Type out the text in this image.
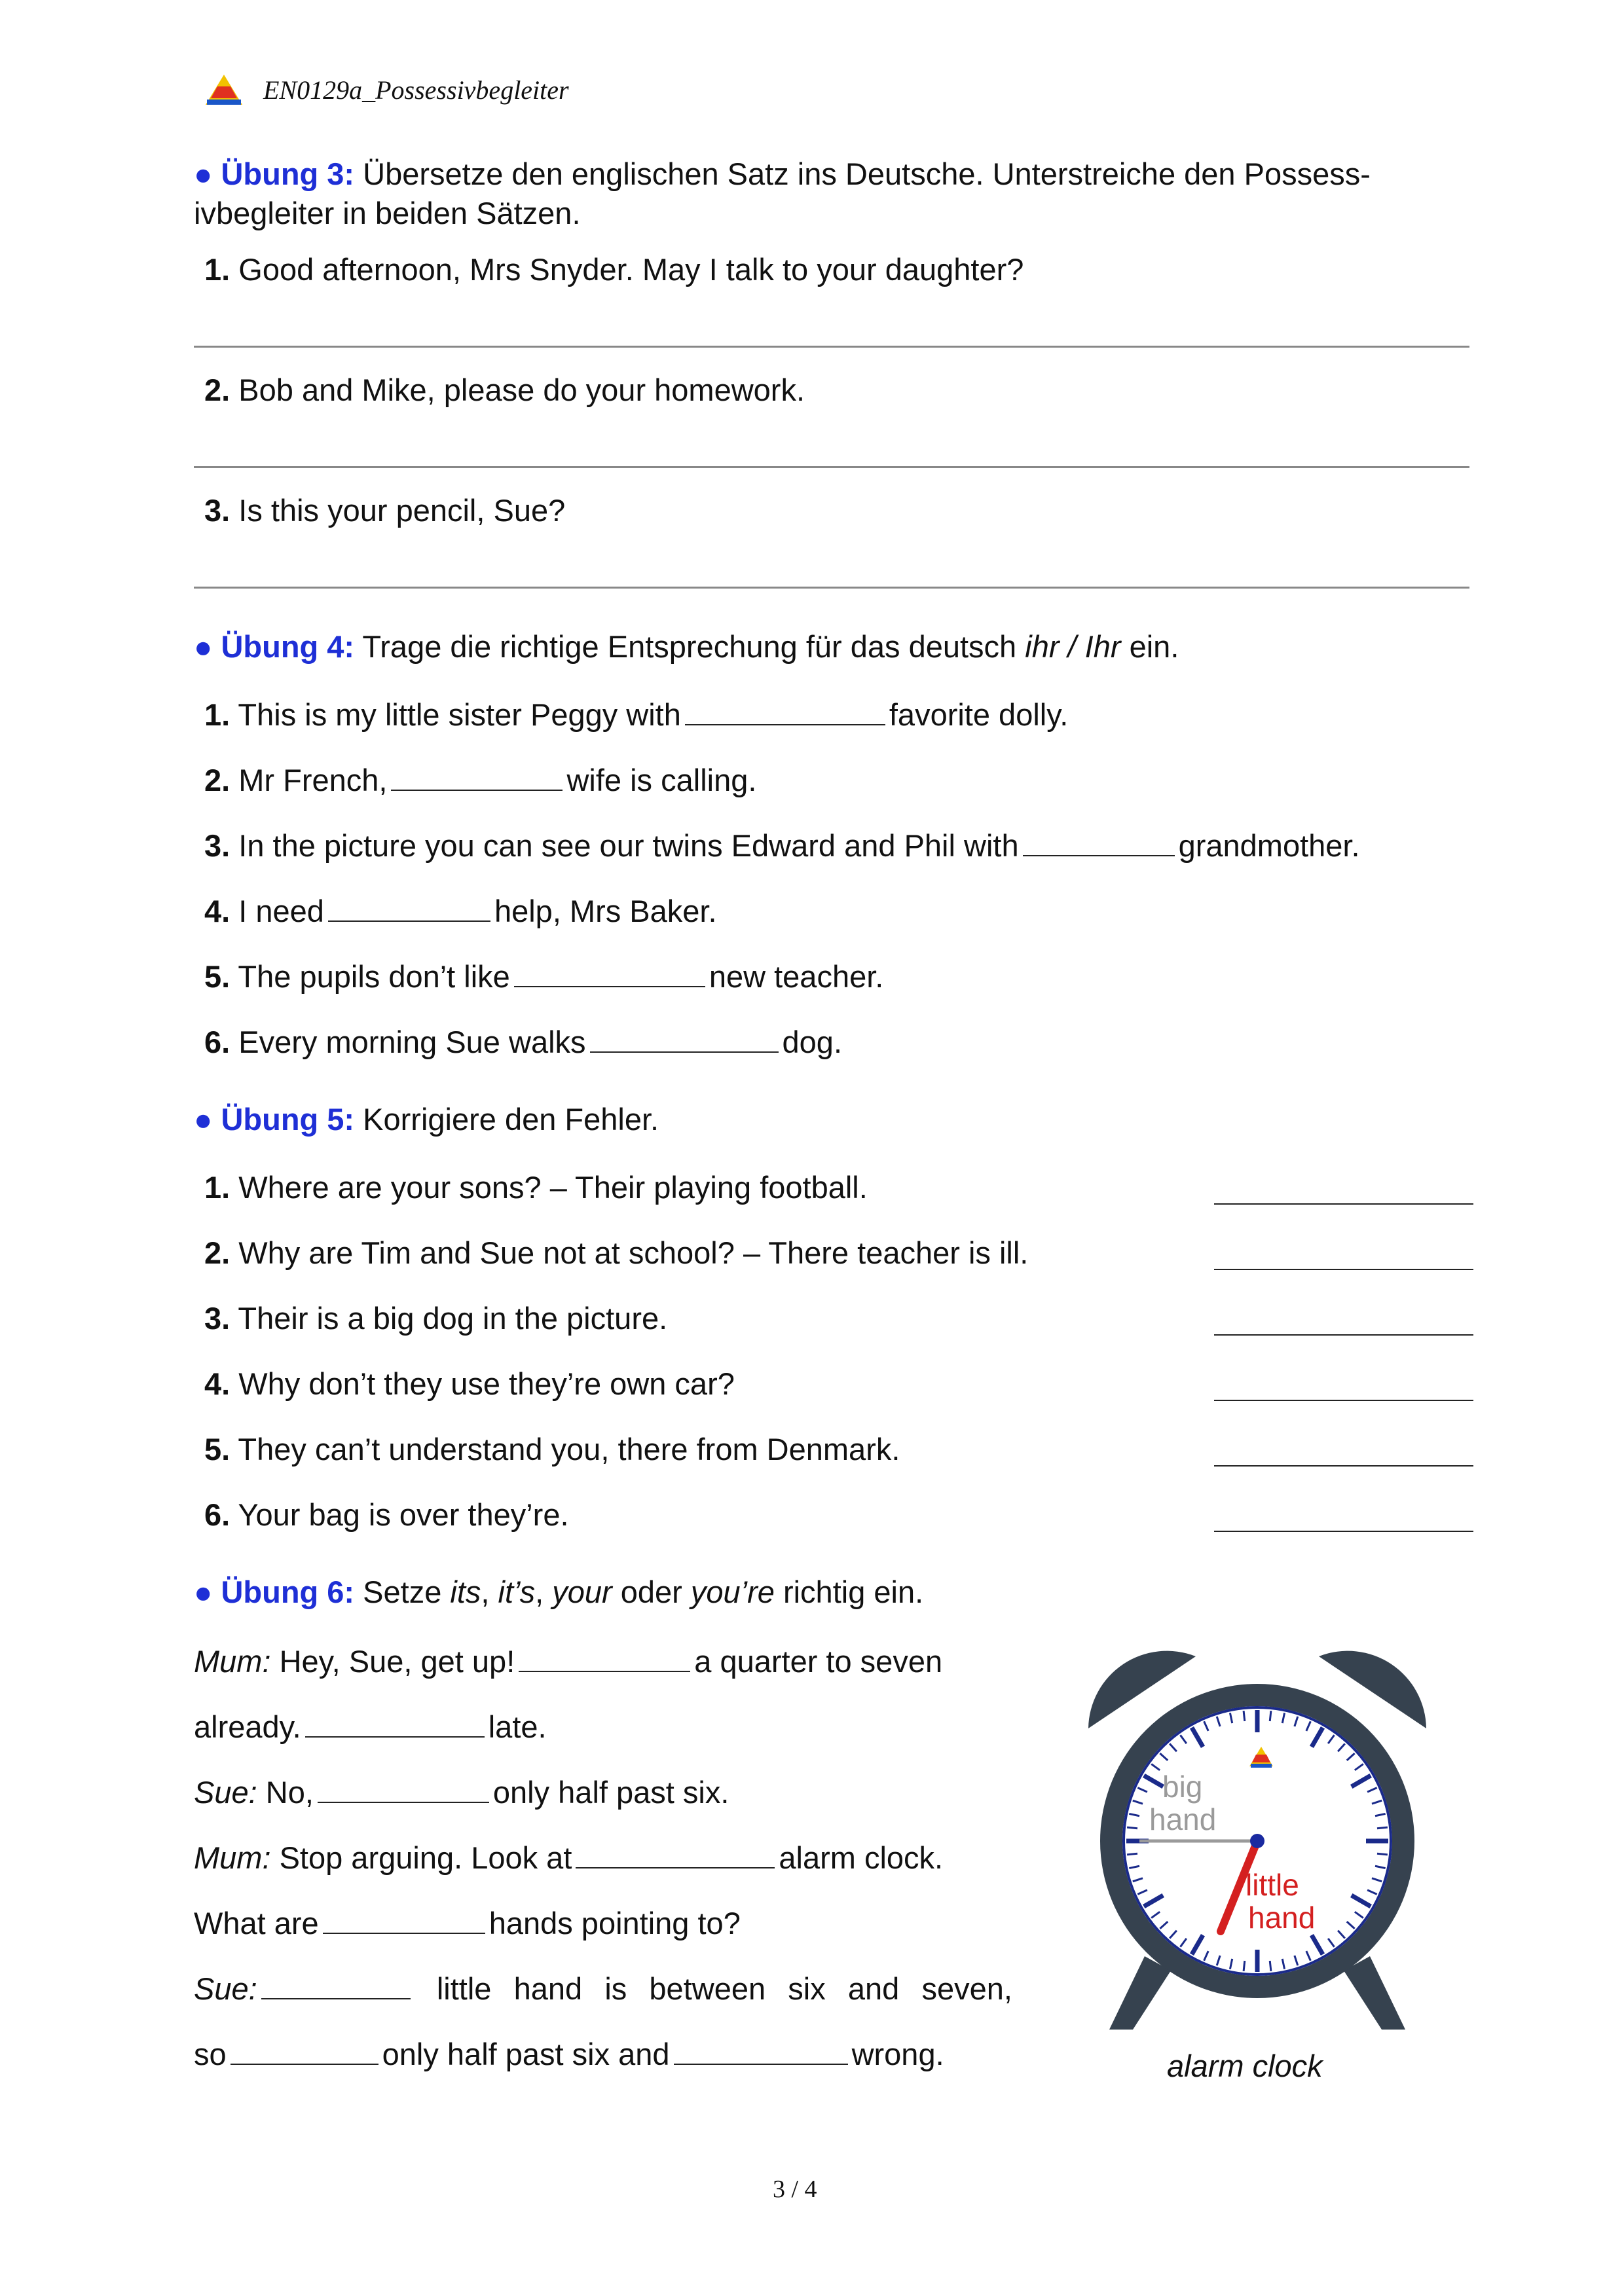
EN0129a_Possessivbegleiter
● Übung 3: Übersetze den englischen Satz ins Deutsche. Unterstreiche den Possess-
ivbegleiter in beiden Sätzen.
1. Good afternoon, Mrs Snyder. May I talk to your daughter?
2. Bob and Mike, please do your homework.
3. Is this your pencil, Sue?
● Übung 4: Trage die richtige Entsprechung für das deutsch ihr / Ihr ein.
1. This is my little sister Peggy with	favorite dolly.
2. Mr French,	wife is calling.
3. In the picture you can see our twins Edward and Phil with	grandmother.
4. I need	help, Mrs Baker.
5. The pupils don’t like	new teacher.
6. Every morning Sue walks	dog.
● Übung 5: Korrigiere den Fehler.
1. Where are your sons? – Their playing football.
2. Why are Tim and Sue not at school? – There teacher is ill.
3. Their is a big dog in the picture.
4. Why don’t they use they’re own car?
5. They can’t understand you, there from Denmark.
6. Your bag is over they’re.
● Übung 6: Setze its, it’s, your oder you’re richtig ein.
Mum: Hey, Sue, get up!	a quarter to seven
already.	late.
Sue: No,	only half past six.
Mum: Stop arguing. Look at	alarm clock.
What are	hands pointing to?
Sue:	little hand is between six and seven,
so	only half past six and	wrong.
big
hand
little
hand
alarm clock
3 / 4
